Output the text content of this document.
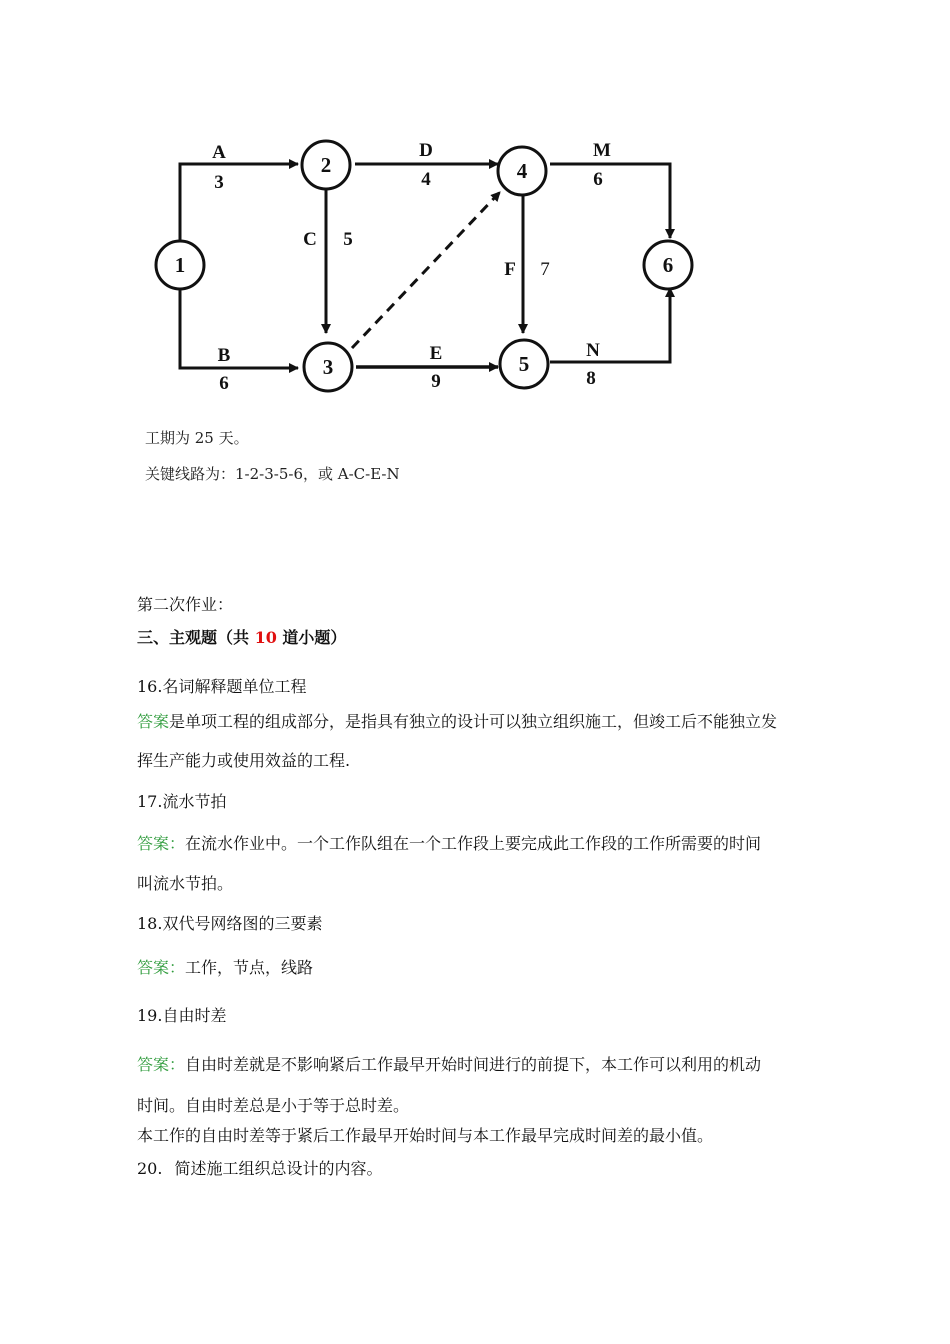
1
2
3
4
5
6
A
3
B
6
C 5
D
4
E
9
F 7
M
6
N
8
工期为 25 天。
关键线路为：1-2-3-5-6，或 A-C-E-N
第二次作业：
三、主观题（共 10 道小题）
16.名词解释题单位工程
答案是单项工程的组成部分，是指具有独立的设计可以独立组织施工，但竣工后不能独立发
挥生产能力或使用效益的工程.
17.流水节拍
答案：在流水作业中。一个工作队组在一个工作段上要完成此工作段的工作所需要的时间
叫流水节拍。
18.双代号网络图的三要素
答案：工作，节点，线路
19.自由时差
答案：自由时差就是不影响紧后工作最早开始时间进行的前提下，本工作可以利用的机动
时间。自由时差总是小于等于总时差。
本工作的自由时差等于紧后工作最早开始时间与本工作最早完成时间差的最小值。
20. 简述施工组织总设计的内容。
